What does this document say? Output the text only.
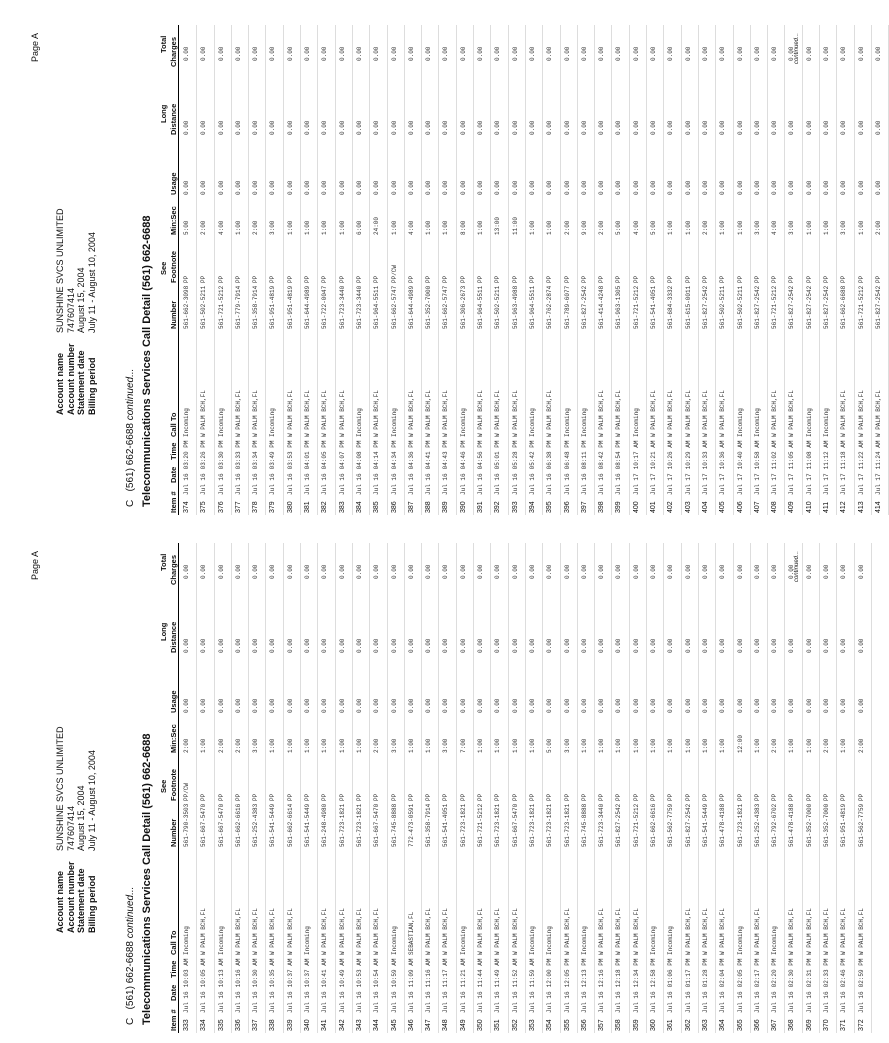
Page A
Account name
SUNSHINE SVCS UNLIMITED
Account number
747607414
Statement date
August 15, 2004
Billing period
July 11 - August 10, 2004
C   (561) 662-6688 continued... Telecommunications Services Call Detail (561) 662-6688 Item #
Date
Time
Call To
Number
See Footnote
Min:Sec
Usage
Long Distance
Total Charges
333
Jul 1610:03 AM
Incoming
561-790-3503
PP/CW
2:00
0.00
0.00
0.00
334
Jul 1610:05 AM
W PALM BCH,FL
561-667-5470
PP
1:00
0.00
0.00
0.00
335
Jul 1610:13 AM
Incoming
561-667-5470
PP
2:00
0.00
0.00
0.00
336
Jul 1610:16 AM
W PALM BCH,FL
561-662-6616
PP
2:00
0.00
0.00
0.00
337
Jul 1610:30 AM
W PALM BCH,FL
561-252-4383
PP
3:00
0.00
0.00
0.00
338
Jul 1610:35 AM
W PALM BCH,FL
561-541-5449
PP
1:00
0.00
0.00
0.00
339
Jul 1610:37 AM
W PALM BCH,FL
561-662-6614
PP
1:00
0.00
0.00
0.00
340
Jul 1610:37 AM
Incoming
561-541-5449
PP
1:00
0.00
0.00
0.00
341
Jul 1610:41 AM
W PALM BCH,FL
561-248-4980
PP
1:00
0.00
0.00
0.00
342
Jul 1610:49 AM
W PALM BCH,FL
561-723-1821
PP
1:00
0.00
0.00
0.00
343
Jul 1610:53 AM
W PALM BCH,FL
561-723-1821
PP
1:00
0.00
0.00
0.00
344
Jul 1610:54 AM
W PALM BCH,FL
561-667-5470
PP
2:00
0.00
0.00
0.00
345
Jul 1610:59 AM
Incoming
561-745-8888
PP
3:00
0.00
0.00
0.00
346
Jul 1611:09 AM
SEBASTIAN,FL
772-473-0591
PP
1:00
0.00
0.00
0.00
347
Jul 1611:16 AM
W PALM BCH,FL
561-358-7914
PP
1:00
0.00
0.00
0.00
348
Jul 1611:17 AM
W PALM BCH,FL
561-541-4051
PP
3:00
0.00
0.00
0.00
349
Jul 1611:21 AM
Incoming
561-723-1821
PP
7:00
0.00
0.00
0.00
350
Jul 1611:44 AM
W PALM BCH,FL
561-721-5212
PP
1:00
0.00
0.00
0.00
351
Jul 1611:49 AM
W PALM BCH,FL
561-723-1821
PP
1:00
0.00
0.00
0.00
352
Jul 1611:52 AM
W PALM BCH,FL
561-667-5470
PP
1:00
0.00
0.00
0.00
353
Jul 1611:59 AM
Incoming
561-723-1821
PP
1:00
0.00
0.00
0.00
354
Jul 1612:00 PM
Incoming
561-723-1821
PP
5:00
0.00
0.00
0.00
355
Jul 1612:05 PM
W PALM BCH,FL
561-723-1821
PP
3:00
0.00
0.00
0.00
356
Jul 1612:13 PM
Incoming
561-745-8888
PP
1:00
0.00
0.00
0.00
357
Jul 1612:16 PM
W PALM BCH,FL
561-723-3440
PP
1:00
0.00
0.00
0.00
358
Jul 1612:18 PM
W PALM BCH,FL
561-827-2542
PP
1:00
0.00
0.00
0.00
359
Jul 1612:34 PM
W PALM BCH,FL
561-721-5212
PP
1:00
0.00
0.00
0.00
360
Jul 1612:58 PM
Incoming
561-662-6616
PP
1:00
0.00
0.00
0.00
361
Jul 1601:06 PM
Incoming
561-562-7759
PP
1:00
0.00
0.00
0.00
362
Jul 1601:17 PM
W PALM BCH,FL
561-827-2542
PP
1:00
0.00
0.00
0.00
363
Jul 1601:28 PM
W PALM BCH,FL
561-541-5449
PP
1:00
0.00
0.00
0.00
364
Jul 1602:04 PM
W PALM BCH,FL
561-478-4188
PP
1:00
0.00
0.00
0.00
365
Jul 1602:05 PM
Incoming
561-723-1821
PP
12:00
0.00
0.00
0.00
366
Jul 1602:17 PM
W PALM BCH,FL
561-252-4383
PP
1:00
0.00
0.00
0.00
367
Jul 1602:20 PM
Incoming
561-792-6702
PP
2:00
0.00
0.00
0.00
368
Jul 1602:30 PM
W PALM BCH,FL
561-478-4188
PP
1:00
0.00
0.00
0.00
369
Jul 1602:31 PM
W PALM BCH,FL
561-352-7000
PP
1:00
0.00
0.00
0.00
370
Jul 1602:33 PM
W PALM BCH,FL
561-352-7000
PP
2:00
0.00
0.00
0.00
371
Jul 1602:46 PM
W PALM BCH,FL
561-951-4819
PP
1:00
0.00
0.00
0.00
372
Jul 1602:59 PM
W PALM BCH,FL
561-562-7759
PP
2:00
0.00
0.00
0.00
continued...
Page A
Account name
SUNSHINE SVCS UNLIMITED
Account number
747607414
Statement date
August 15, 2004
Billing period
July 11 - August 10, 2004
C   (561) 662-6688 continued... Telecommunications Services Call Detail (561) 662-6688 Item #
Date
Time
Call To
Number
See Footnote
Min:Sec
Usage
Long Distance
Total Charges
374
Jul 1603:20 PM
Incoming
561-662-3098
PP
5:00
0.00
0.00
0.00
375
Jul 1603:26 PM
W PALM BCH,FL
561-502-5211
PP
2:00
0.00
0.00
0.00
376
Jul 1603:30 PM
Incoming
561-721-5212
PP
4:00
0.00
0.00
0.00
377
Jul 1603:33 PM
W PALM BCH,FL
561-779-7914
PP
1:00
0.00
0.00
0.00
378
Jul 1603:34 PM
W PALM BCH,FL
561-358-7914
PP
2:00
0.00
0.00
0.00
379
Jul 1603:49 PM
Incoming
561-951-4819
PP
3:00
0.00
0.00
0.00
380
Jul 1603:53 PM
W PALM BCH,FL
561-951-4819
PP
1:00
0.00
0.00
0.00
381
Jul 1604:01 PM
W PALM BCH,FL
561-644-4989
PP
1:00
0.00
0.00
0.00
382
Jul 1604:05 PM
W PALM BCH,FL
561-722-0047
PP
1:00
0.00
0.00
0.00
383
Jul 1604:07 PM
W PALM BCH,FL
561-723-3440
PP
1:00
0.00
0.00
0.00
384
Jul 1604:08 PM
Incoming
561-723-3440
PP
6:00
0.00
0.00
0.00
385
Jul 1604:14 PM
W PALM BCH,FL
561-964-5511
PP
24:00
0.00
0.00
0.00
386
Jul 1604:34 PM
Incoming
561-662-5747
PP/CW
1:00
0.00
0.00
0.00
387
Jul 1604:36 PM
W PALM BCH,FL
561-644-4989
PP
4:00
0.00
0.00
0.00
388
Jul 1604:41 PM
W PALM BCH,FL
561-352-7000
PP
1:00
0.00
0.00
0.00
389
Jul 1604:43 PM
W PALM BCH,FL
561-662-5747
PP
1:00
0.00
0.00
0.00
390
Jul 1604:46 PM
Incoming
561-306-2673
PP
8:00
0.00
0.00
0.00
391
Jul 1604:56 PM
W PALM BCH,FL
561-964-5511
PP
1:00
0.00
0.00
0.00
392
Jul 1605:01 PM
W PALM BCH,FL
561-502-5211
PP
13:00
0.00
0.00
0.00
393
Jul 1605:28 PM
W PALM BCH,FL
561-963-4988
PP
11:00
0.00
0.00
0.00
394
Jul 1605:42 PM
Incoming
561-964-5511
PP
1:00
0.00
0.00
0.00
395
Jul 1606:38 PM
W PALM BCH,FL
561-762-2874
PP
1:00
0.00
0.00
0.00
396
Jul 1606:48 PM
Incoming
561-789-6077
PP
2:00
0.00
0.00
0.00
397
Jul 1608:11 PM
Incoming
561-827-2542
PP
9:00
0.00
0.00
0.00
398
Jul 1608:42 PM
W PALM BCH,FL
561-414-4248
PP
2:00
0.00
0.00
0.00
399
Jul 1608:54 PM
W PALM BCH,FL
561-963-1305
PP
5:00
0.00
0.00
0.00
400
Jul 1710:17 AM
Incoming
561-721-5212
PP
4:00
0.00
0.00
0.00
401
Jul 1710:21 AM
W PALM BCH,FL
561-541-4051
PP
5:00
0.00
0.00
0.00
402
Jul 1710:26 AM
W PALM BCH,FL
561-684-3332
PP
1:00
0.00
0.00
0.00
403
Jul 1710:29 AM
W PALM BCH,FL
561-615-0011
PP
1:00
0.00
0.00
0.00
404
Jul 1710:33 AM
W PALM BCH,FL
561-827-2542
PP
2:00
0.00
0.00
0.00
405
Jul 1710:36 AM
W PALM BCH,FL
561-502-5211
PP
1:00
0.00
0.00
0.00
406
Jul 1710:40 AM
Incoming
561-502-5211
PP
1:00
0.00
0.00
0.00
407
Jul 1710:58 AM
Incoming
561-827-2542
PP
3:00
0.00
0.00
0.00
408
Jul 1711:02 AM
W PALM BCH,FL
561-721-5212
PP
4:00
0.00
0.00
0.00
409
Jul 1711:05 AM
W PALM BCH,FL
561-827-2542
PP
3:00
0.00
0.00
0.00
410
Jul 1711:08 AM
Incoming
561-827-2542
PP
1:00
0.00
0.00
0.00
411
Jul 1711:12 AM
Incoming
561-827-2542
PP
1:00
0.00
0.00
0.00
412
Jul 1711:18 AM
W PALM BCH,FL
561-662-6688
PP
3:00
0.00
0.00
0.00
413
Jul 1711:22 AM
W PALM BCH,FL
561-721-5212
PP
1:00
0.00
0.00
0.00
414
Jul 1711:24 AM
W PALM BCH,FL
561-827-2542
PP
2:00
0.00
0.00
0.00
continued...
